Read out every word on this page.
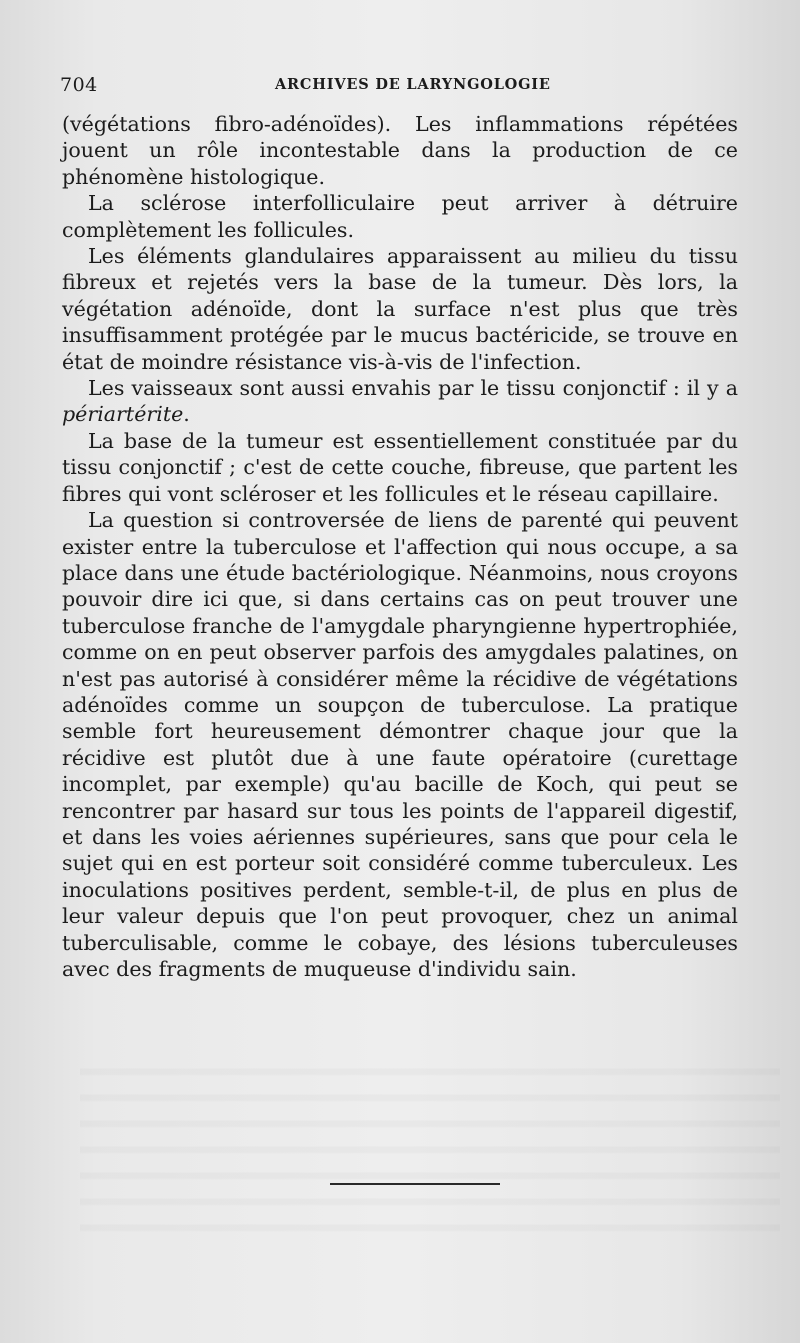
704	ARCHIVES DE LARYNGOLOGIE

(végétations fibro-adénoïdes). Les inflammations répétées jouent un rôle incontestable dans la production de ce phénomène histologique.

La sclérose interfolliculaire peut arriver à détruire complètement les follicules.

Les éléments glandulaires apparaissent au milieu du tissu fibreux et rejetés vers la base de la tumeur. Dès lors, la végétation adénoïde, dont la surface n'est plus que très insuffisamment protégée par le mucus bactéricide, se trouve en état de moindre résistance vis-à-vis de l'infection.

Les vaisseaux sont aussi envahis par le tissu conjonctif : il y a périartérite.

La base de la tumeur est essentiellement constituée par du tissu conjonctif ; c'est de cette couche, fibreuse, que partent les fibres qui vont scléroser et les follicules et le réseau capillaire.

La question si controversée de liens de parenté qui peuvent exister entre la tuberculose et l'affection qui nous occupe, a sa place dans une étude bactériologique. Néanmoins, nous croyons pouvoir dire ici que, si dans certains cas on peut trouver une tuberculose franche de l'amygdale pharyngienne hypertrophiée, comme on en peut observer parfois des amygdales palatines, on n'est pas autorisé à considérer même la récidive de végétations adénoïdes comme un soupçon de tuberculose. La pratique semble fort heureusement démontrer chaque jour que la récidive est plutôt due à une faute opératoire (curettage incomplet, par exemple) qu'au bacille de Koch, qui peut se rencontrer par hasard sur tous les points de l'appareil digestif, et dans les voies aériennes supérieures, sans que pour cela le sujet qui en est porteur soit considéré comme tuberculeux. Les inoculations positives perdent, semble-t-il, de plus en plus de leur valeur depuis que l'on peut provoquer, chez un animal tuberculisable, comme le cobaye, des lésions tuberculeuses avec des fragments de muqueuse d'individu sain.
